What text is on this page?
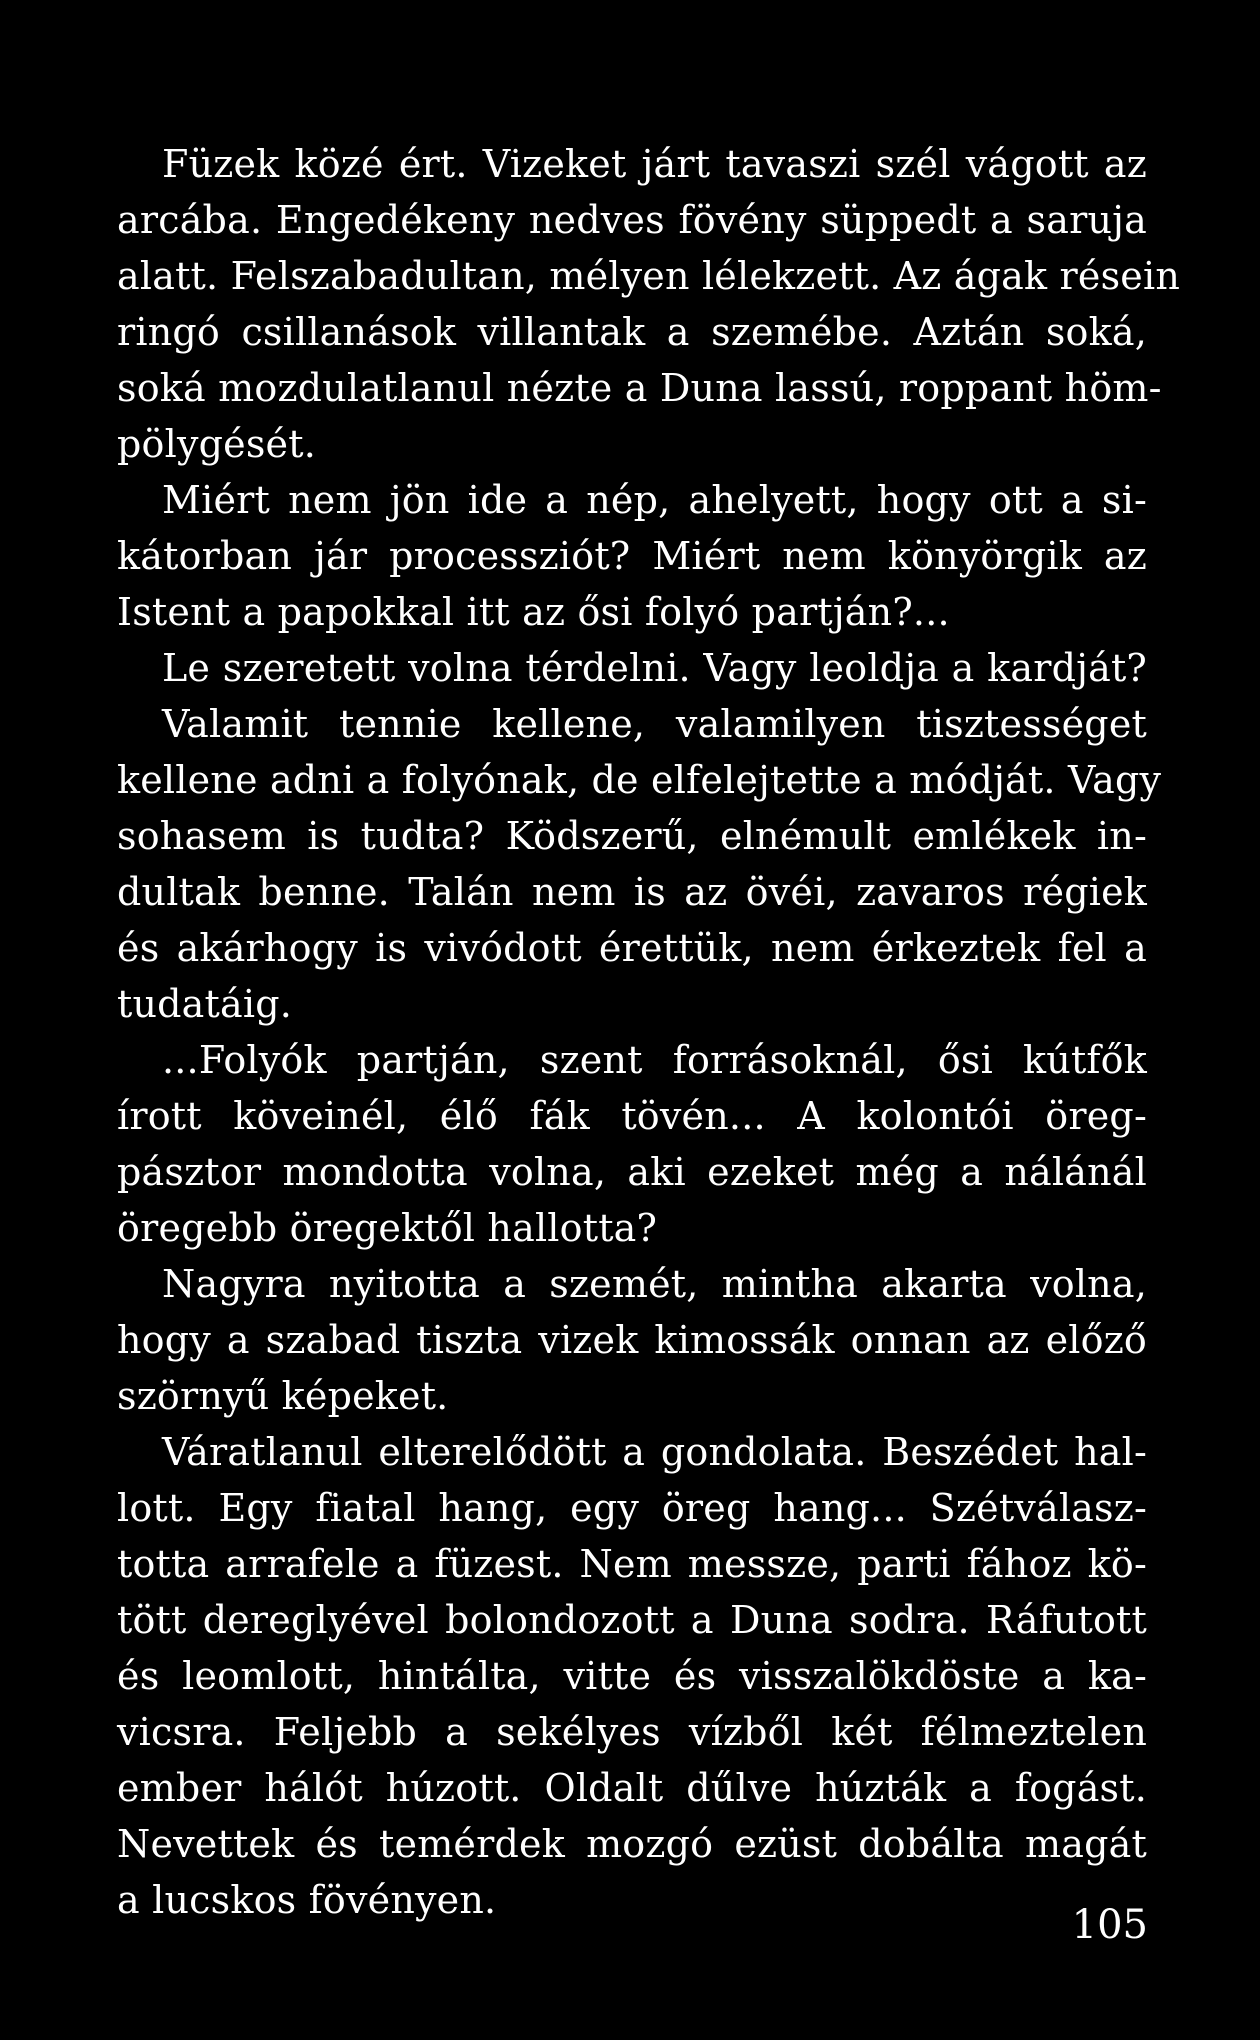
Füzek közé ért. Vizeket járt tavaszi szél vágott az
arcába. Engedékeny nedves fövény süppedt a saruja
alatt. Felszabadultan, mélyen lélekzett. Az ágak résein
ringó csillanások villantak a szemébe. Aztán soká,
soká mozdulatlanul nézte a Duna lassú, roppant höm-
pölygését.
Miért nem jön ide a nép, ahelyett, hogy ott a si-
kátorban jár processziót? Miért nem könyörgik az
Istent a papokkal itt az ősi folyó partján?...
Le szeretett volna térdelni. Vagy leoldja a kardját?
Valamit tennie kellene, valamilyen tisztességet
kellene adni a folyónak, de elfelejtette a módját. Vagy
sohasem is tudta? Ködszerű, elnémult emlékek in-
dultak benne. Talán nem is az övéi, zavaros régiek
és akárhogy is vivódott érettük, nem érkeztek fel a
tudatáig.
...Folyók partján, szent forrásoknál, ősi kútfők
írott köveinél, élő fák tövén... A kolontói öreg-
pásztor mondotta volna, aki ezeket még a nálánál
öregebb öregektől hallotta?
Nagyra nyitotta a szemét, mintha akarta volna,
hogy a szabad tiszta vizek kimossák onnan az előző
szörnyű képeket.
Váratlanul elterelődött a gondolata. Beszédet hal-
lott. Egy fiatal hang, egy öreg hang... Szétválasz-
totta arrafele a füzest. Nem messze, parti fához kö-
tött dereglyével bolondozott a Duna sodra. Ráfutott
és leomlott, hintálta, vitte és visszalökdöste a ka-
vicsra. Feljebb a sekélyes vízből két félmeztelen
ember hálót húzott. Oldalt dűlve húzták a fogást.
Nevettek és temérdek mozgó ezüst dobálta magát
a lucskos fövényen.
105
